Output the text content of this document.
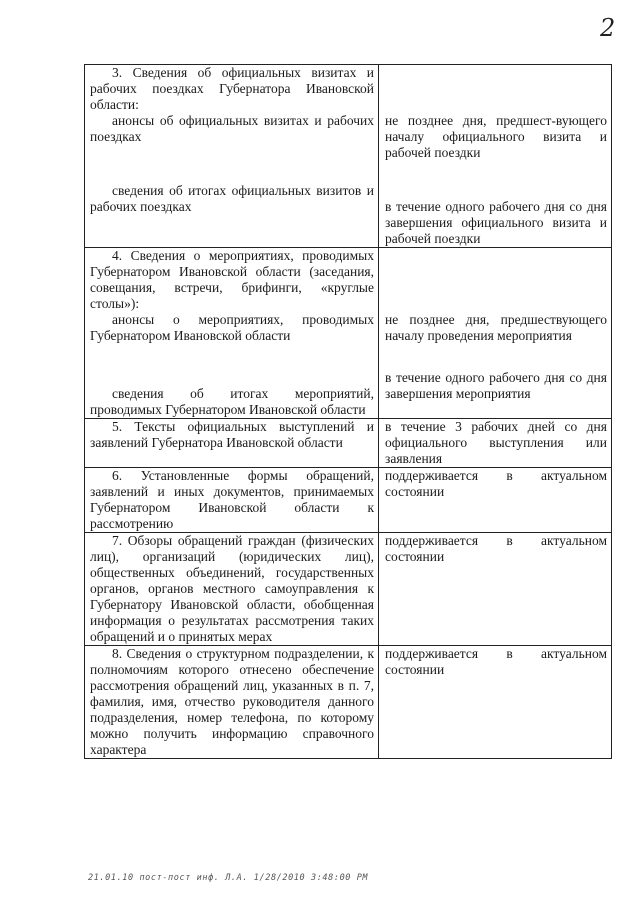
2
3. Сведения об официальных визитах и рабочих поездках Губернатора Ивановской области:
анонсы об официальных визитах и рабочих поездках
сведения об итогах официальных визитов и рабочих поездках
не позднее дня, предшест-вующего началу официального визита и рабочей поездки
в течение одного рабочего дня со дня завершения официального визита и рабочей поездки
4. Сведения о мероприятиях, проводимых Губернатором Ивановской области (заседания, совещания, встречи, брифинги, «круглые столы»):
анонсы о мероприятиях, проводимых Губернатором Ивановской области
сведения об итогах мероприятий, проводимых Губернатором Ивановской области
не позднее дня, предшествующего началу проведения мероприятия
в течение одного рабочего дня со дня завершения мероприятия
5. Тексты официальных выступлений и заявлений Губернатора Ивановской области
в течение 3 рабочих дней со дня официального выступления или заявления
6. Установленные формы обращений, заявлений и иных документов, принимаемых Губернатором Ивановской области к рассмотрению
поддерживается в актуальном состоянии
7. Обзоры обращений граждан (физических лиц), организаций (юридических лиц), общественных объединений, государственных органов, органов местного самоуправления к Губернатору Ивановской области, обобщенная информация о результатах рассмотрения таких обращений и о принятых мерах
поддерживается в актуальном состоянии
8. Сведения о структурном подразделении, к полномочиям которого отнесено обеспечение рассмотрения обращений лиц, указанных в п. 7, фамилия, имя, отчество руководителя данного подразделения, номер телефона, по которому можно получить информацию справочного характера
поддерживается в актуальном состоянии
21.01.10 пост-пост инф. Л.А. 1/28/2010 3:48:00 PM
